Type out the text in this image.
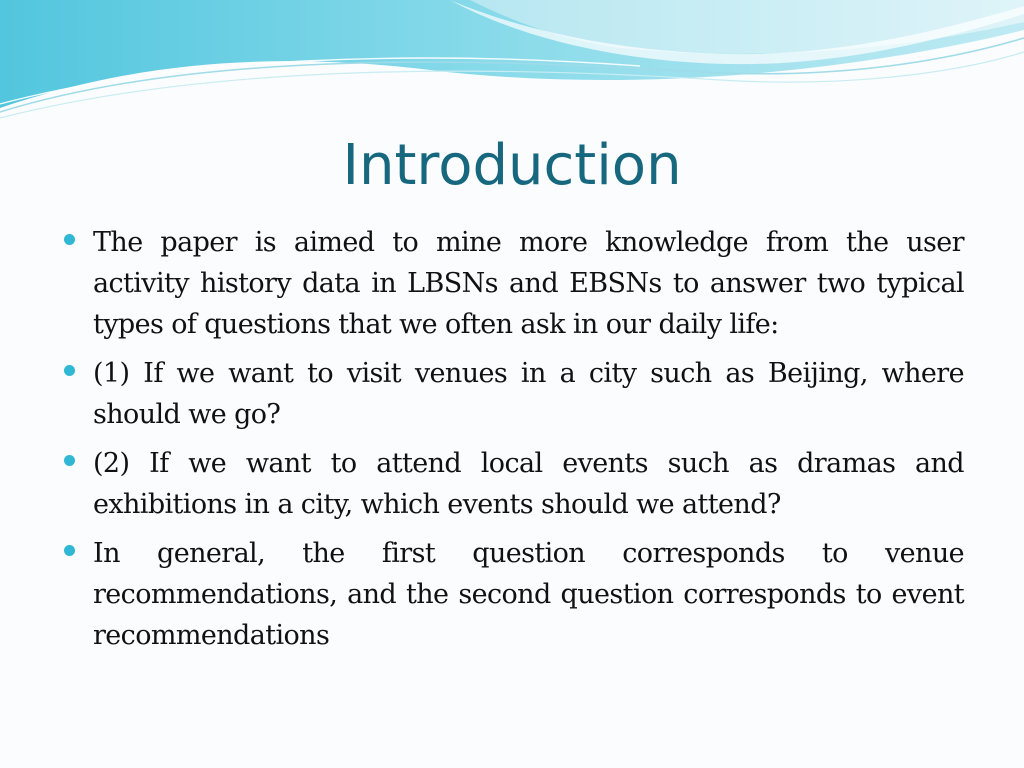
Introduction
The paper is aimed to mine more knowledge from the user activity history data in LBSNs and EBSNs to answer two typical types of questions that we often ask in our daily life:
(1) If we want to visit venues in a city such as Beijing, where should we go?
(2) If we want to attend local events such as dramas and exhibitions in a city, which events should we attend?
In general, the first question corresponds to venue recommendations, and the second question corresponds to event recommendations
